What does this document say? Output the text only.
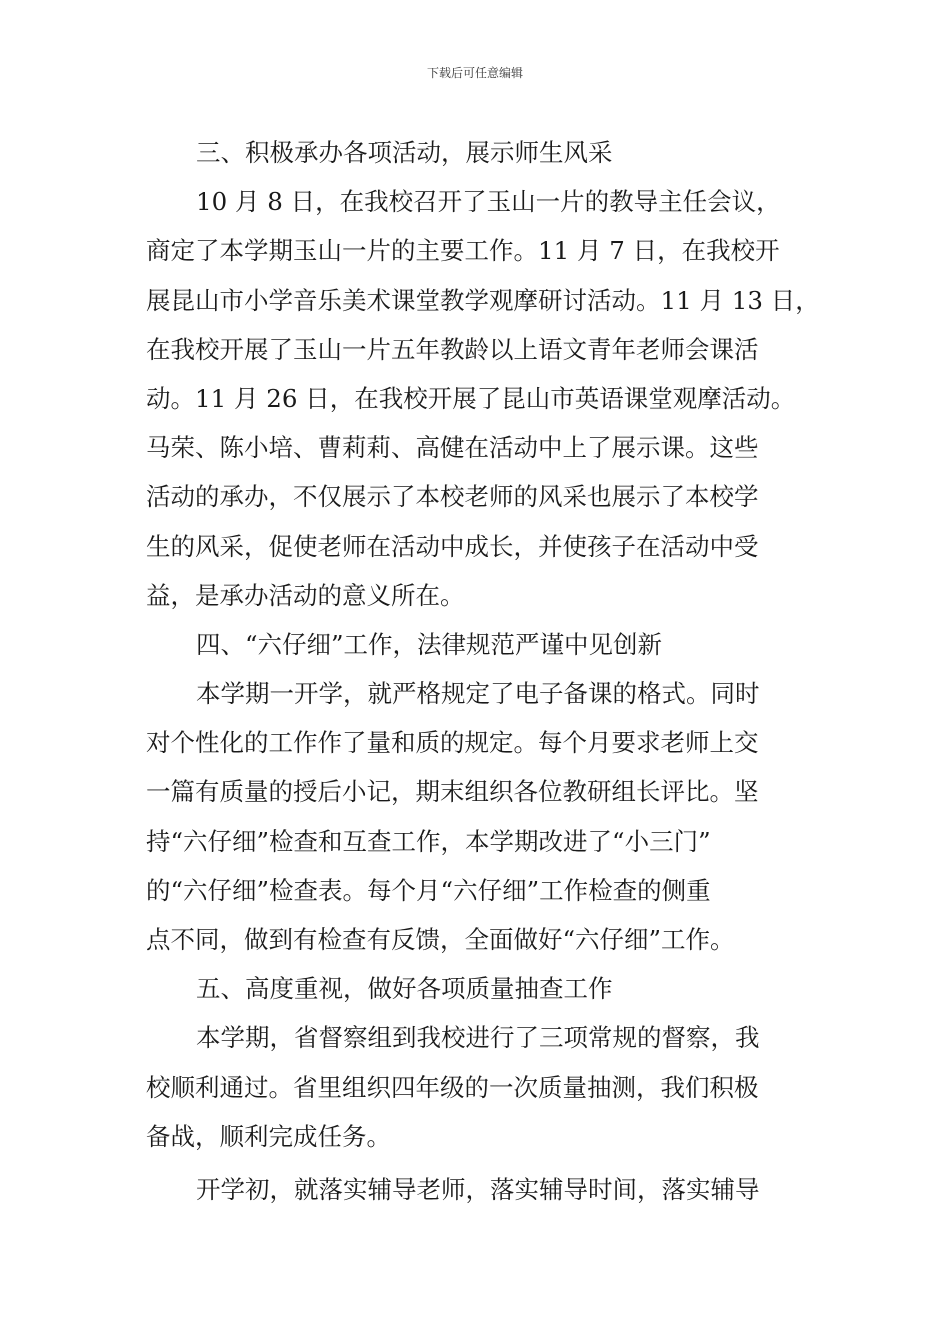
下载后可任意编辑
三、积极承办各项活动，展示师生风采
10 月 8 日，在我校召开了玉山一片的教导主任会议，
商定了本学期玉山一片的主要工作。11 月 7 日，在我校开
展昆山市小学音乐美术课堂教学观摩研讨活动。11 月 13 日，
在我校开展了玉山一片五年教龄以上语文青年老师会课活
动。11 月 26 日，在我校开展了昆山市英语课堂观摩活动。
马荣、陈小培、曹莉莉、高健在活动中上了展示课。这些
活动的承办，不仅展示了本校老师的风采也展示了本校学
生的风采，促使老师在活动中成长，并使孩子在活动中受
益，是承办活动的意义所在。
四、“六仔细”工作，法律规范严谨中见创新
本学期一开学，就严格规定了电子备课的格式。同时
对个性化的工作作了量和质的规定。每个月要求老师上交
一篇有质量的授后小记，期末组织各位教研组长评比。坚
持“六仔细”检查和互查工作，本学期改进了“小三门”
的“六仔细”检查表。每个月“六仔细”工作检查的侧重
点不同，做到有检查有反馈，全面做好“六仔细”工作。
五、高度重视，做好各项质量抽查工作
本学期，省督察组到我校进行了三项常规的督察，我
校顺利通过。省里组织四年级的一次质量抽测，我们积极
备战，顺利完成任务。
开学初，就落实辅导老师，落实辅导时间，落实辅导
